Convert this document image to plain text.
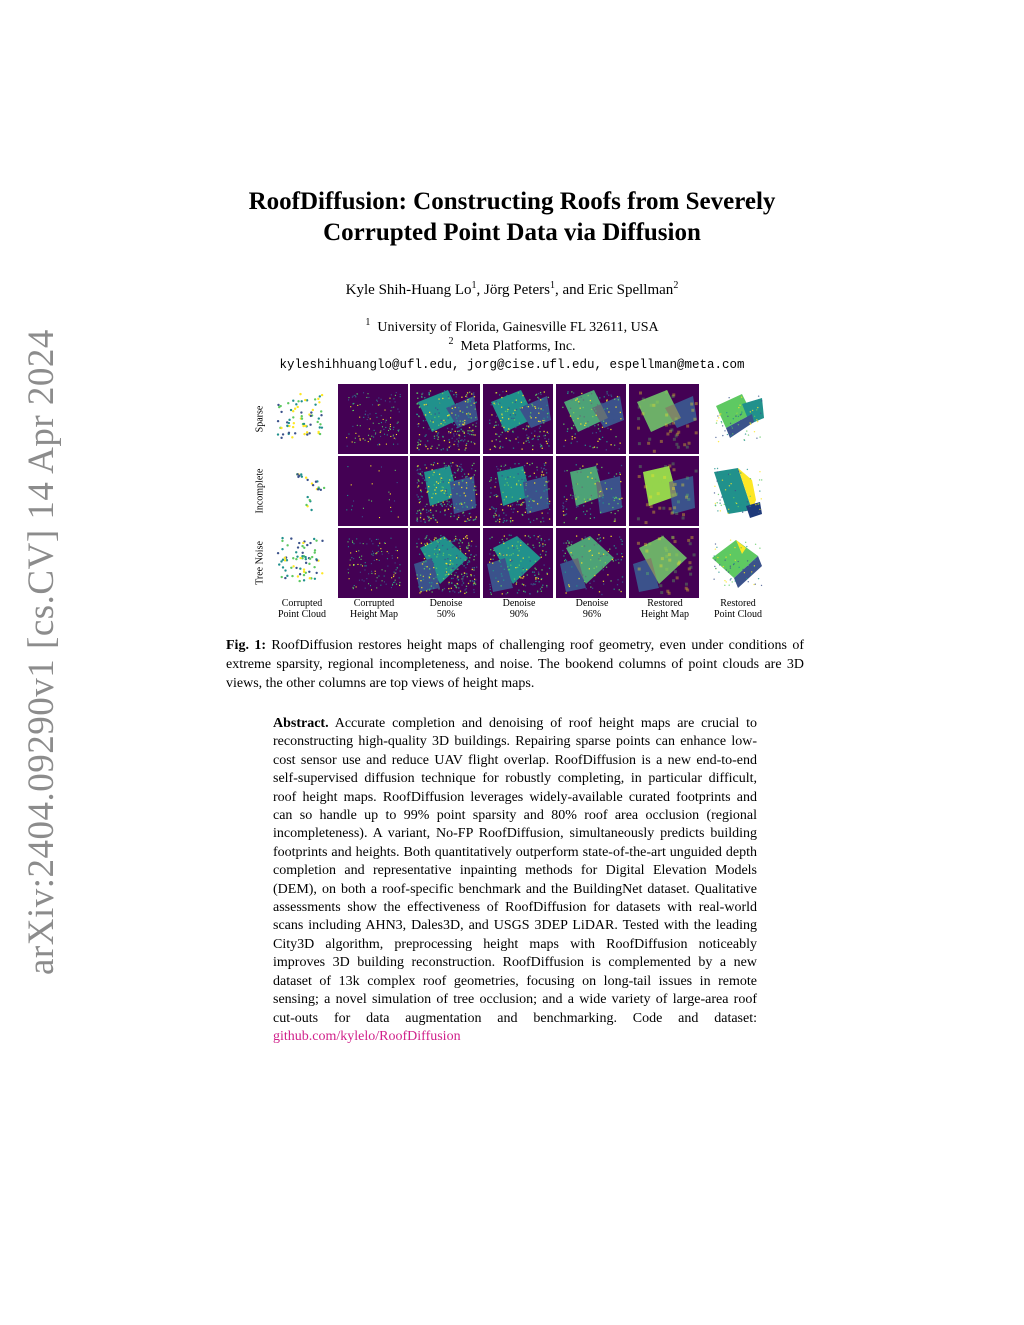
arXiv:2404.09290v1 [cs.CV] 14 Apr 2024
RoofDiffusion: Constructing Roofs from Severely
Corrupted Point Data via Diffusion
Kyle Shih-Huang Lo$^1$, Jörg Peters$^1$, and Eric Spellman$^2$
$^1$ University of Florida, Gainesville FL 32611, USA
$^2$ Meta Platforms, Inc.
kyleshihhuanglo@ufl.edu, jorg@cise.ufl.edu, espellman@meta.com
Sparse
Incomplete
Tree Noise
Corrupted
Point Cloud
Corrupted
Height Map
Denoise
50%
Denoise
90%
Denoise
96%
Restored
Height Map
Restored
Point Cloud
Fig. 1: RoofDiffusion restores height maps of challenging roof geometry, even under conditions of extreme sparsity, regional incompleteness, and noise. The bookend columns of point clouds are 3D views, the other columns are top views of height maps.
Abstract. Accurate completion and denoising of roof height maps are crucial to reconstructing high-quality 3D buildings. Repairing sparse points can enhance low-cost sensor use and reduce UAV flight overlap. RoofDiffusion is a new end-to-end self-supervised diffusion technique for robustly completing, in particular difficult, roof height maps. RoofDiffusion leverages widely-available curated footprints and can so handle up to 99% point sparsity and 80% roof area occlusion (regional incompleteness). A variant, No-FP RoofDiffusion, simultaneously predicts building footprints and heights. Both quantitatively outperform state-of-the-art unguided depth completion and representative inpainting methods for Digital Elevation Models (DEM), on both a roof-specific benchmark and the BuildingNet dataset. Qualitative assessments show the effectiveness of RoofDiffusion for datasets with real-world scans including AHN3, Dales3D, and USGS 3DEP LiDAR. Tested with the leading City3D algorithm, preprocessing height maps with RoofDiffusion noticeably improves 3D building reconstruction. RoofDiffusion is complemented by a new dataset of 13k complex roof geometries, focusing on long-tail issues in remote sensing; a novel simulation of tree occlusion; and a wide variety of large-area roof cut-outs for data augmentation and benchmarking. Code and dataset: github.com/kylelo/RoofDiffusion
